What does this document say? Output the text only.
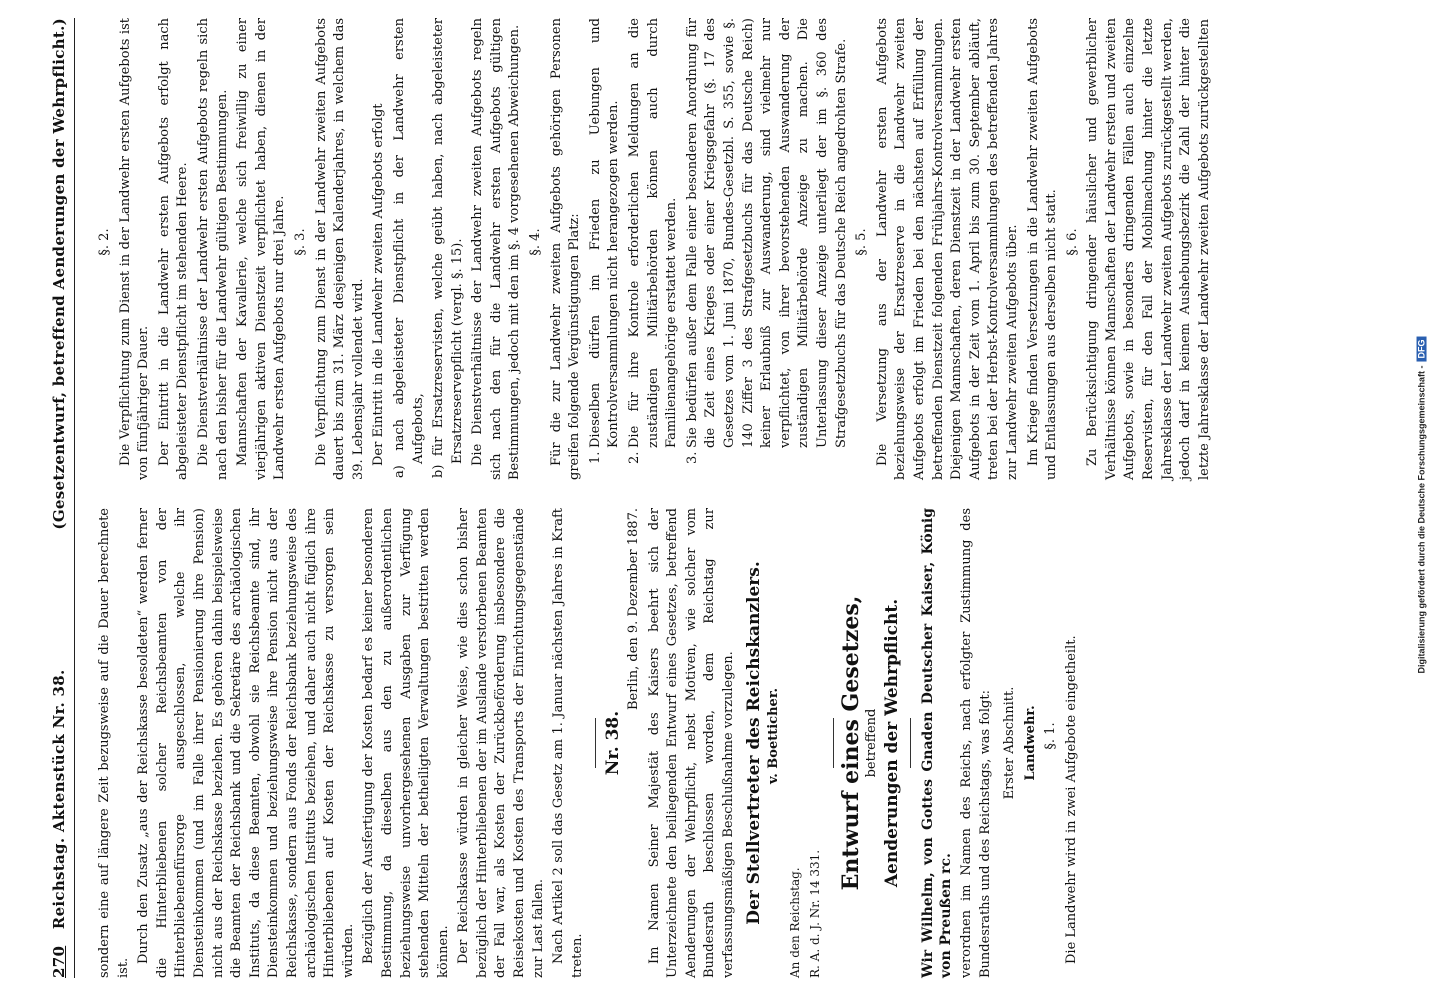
270   Reichstag. Aktenstück Nr. 38.
(Gesetzentwurf, betreffend Aenderungen der Wehrpflicht.)

sondern eine auf längere Zeit bezugsweise auf die Dauer berechnete ist.

Durch den Zusatz „aus der Reichskasse besoldeten“ werden ferner die Hinterbliebenen solcher Reichsbeamten von der Hinterbliebenenfürsorge ausgeschlossen, welche ihr Diensteinkommen (und im Falle ihrer Pensionierung ihre Pension) nicht aus der Reichskasse beziehen. Es gehören dahin beispielsweise die Beamten der Reichsbank und die Sekretäre des archäologischen Instituts, da diese Beamten, obwohl sie Reichsbeamte sind, ihr Diensteinkommen und beziehungsweise ihre Pension nicht aus der Reichskasse, sondern aus Fonds der Reichsbank beziehungsweise des archäologischen Instituts beziehen, und daher auch nicht füglich ihre Hinterbliebenen auf Kosten der Reichskasse zu versorgen sein würden. Bezüglich der Ausfertigung der Kosten bedarf es keiner besonderen Bestimmung, da dieselben aus den zu außerordentlichen beziehungsweise unvorhergesehenen Ausgaben zur Verfügung stehenden Mitteln der betheiligten Verwaltungen bestritten werden können. Der Reichskasse würden in gleicher Weise, wie dies schon bisher bezüglich der Hinterbliebenen der im Auslande verstorbenen Beamten der Fall war, als Kosten der Zurückbeförderung insbesondere die Reisekosten und Kosten des Transports der Einrichtungsgegenstände zur Last fallen. Nach Artikel 2 soll das Gesetz am 1. Januar nächsten Jahres in Kraft treten.

Nr. 38.

Berlin, den 9. Dezember 1887. Im Namen Seiner Majestät des Kaisers beehrt sich der Unterzeichnete den beiliegenden Entwurf eines Gesetzes, betreffend Aenderungen der Wehrpflicht, nebst Motiven, wie solcher vom Bundesrath beschlossen worden, dem Reichstag zur verfassungsmäßigen Beschlußnahme vorzulegen. Der Stellvertreter des Reichskanzlers. v. Boetticher.

An den Reichstag. R. A. d. J. Nr. 14 331.

Entwurf eines Gesetzes, betreffend Aenderungen der Wehrpflicht. Wir Wilhelm, von Gottes Gnaden Deutscher Kaiser, König von Preußen rc. verordnen im Namen des Reichs, nach erfolgter Zustimmung des Bundesraths und des Reichstags, was folgt: Erster Abschnitt. Landwehr. §. 1. Die Landwehr wird in zwei Aufgebote eingetheilt.

§. 2. Die Verpflichtung zum Dienst in der Landwehr ersten Aufgebots ist von fünfjähriger Dauer. Der Eintritt in die Landwehr ersten Aufgebots erfolgt nach abgeleisteter Dienstpflicht im stehenden Heere. Die Dienstverhältnisse der Landwehr ersten Aufgebots regeln sich nach den bisher für die Landwehr gültigen Bestimmungen. Mannschaften der Kavallerie, welche sich freiwillig zu einer vierjährigen aktiven Dienstzeit verpflichtet haben, dienen in der Landwehr ersten Aufgebots nur drei Jahre. §. 3. Die Verpflichtung zum Dienst in der Landwehr zweiten Aufgebots dauert bis zum 31. März desjenigen Kalenderjahres, in welchem das 39. Lebensjahr vollendet wird. Der Eintritt in die Landwehr zweiten Aufgebots erfolgt a) nach abgeleisteter Dienstpflicht in der Landwehr ersten Aufgebots, b) für Ersatzreservisten, welche geübt haben, nach abgeleisteter Ersatzreservepflicht (vergl. §. 15). Die Dienstverhältnisse der Landwehr zweiten Aufgebots regeln sich nach den für die Landwehr ersten Aufgebots gültigen Bestimmungen, jedoch mit den im §. 4 vorgesehenen Abweichungen. §. 4. Für die zur Landwehr zweiten Aufgebots gehörigen Personen greifen folgende Vergünstigungen Platz: 1.
Dieselben dürfen im Frieden zu Uebungen und Kontrolversammlungen nicht herangezogen werden.

2.
Die für ihre Kontrole erforderlichen Meldungen an die zuständigen Militärbehörden können auch durch Familienangehörige erstattet werden.

3.
Sie bedürfen außer dem Falle einer besonderen Anordnung für die Zeit eines Krieges oder einer Kriegsgefahr (§. 17 des Gesetzes vom 1. Juni 1870, Bundes-Gesetzbl. S. 355, sowie §. 140 Ziffer 3 des Strafgesetzbuchs für das Deutsche Reich) keiner Erlaubniß zur Auswanderung, sind vielmehr nur verpflichtet, von ihrer bevorstehenden Auswanderung der zuständigen Militärbehörde Anzeige zu machen. Die Unterlassung dieser Anzeige unterliegt der im §. 360 des Strafgesetzbuchs für das Deutsche Reich angedrohten Strafe. §. 5. Die Versetzung aus der Landwehr ersten Aufgebots beziehungsweise der Ersatzreserve in die Landwehr zweiten Aufgebots erfolgt im Frieden bei den nächsten auf Erfüllung der betreffenden Dienstzeit folgenden Frühjahrs-Kontrolversammlungen. Diejenigen Mannschaften, deren Dienstzeit in der Landwehr ersten Aufgebots in der Zeit vom 1. April bis zum 30. September abläuft, treten bei der Herbst-Kontrolversammlungen des betreffenden Jahres zur Landwehr zweiten Aufgebots über. Im Kriege finden Versetzungen in die Landwehr zweiten Aufgebots und Entlassungen aus derselben nicht statt. §. 6. Zu Berücksichtigung dringender häuslicher und gewerblicher Verhältnisse können Mannschaften der Landwehr ersten und zweiten Aufgebots, sowie in besonders dringenden Fällen auch einzelne Reservisten, für den Fall der Mobilmachung hinter die letzte Jahresklasse der Landwehr zweiten Aufgebots zurückgestellt werden, jedoch darf in keinem Aushebungsbezirk die Zahl der hinter die letzte Jahresklasse der Landwehr zweiten Aufgebots zurückgestellten

Digitalisierung gefördert durch die Deutsche Forschungsgemeinschaft -DFG
